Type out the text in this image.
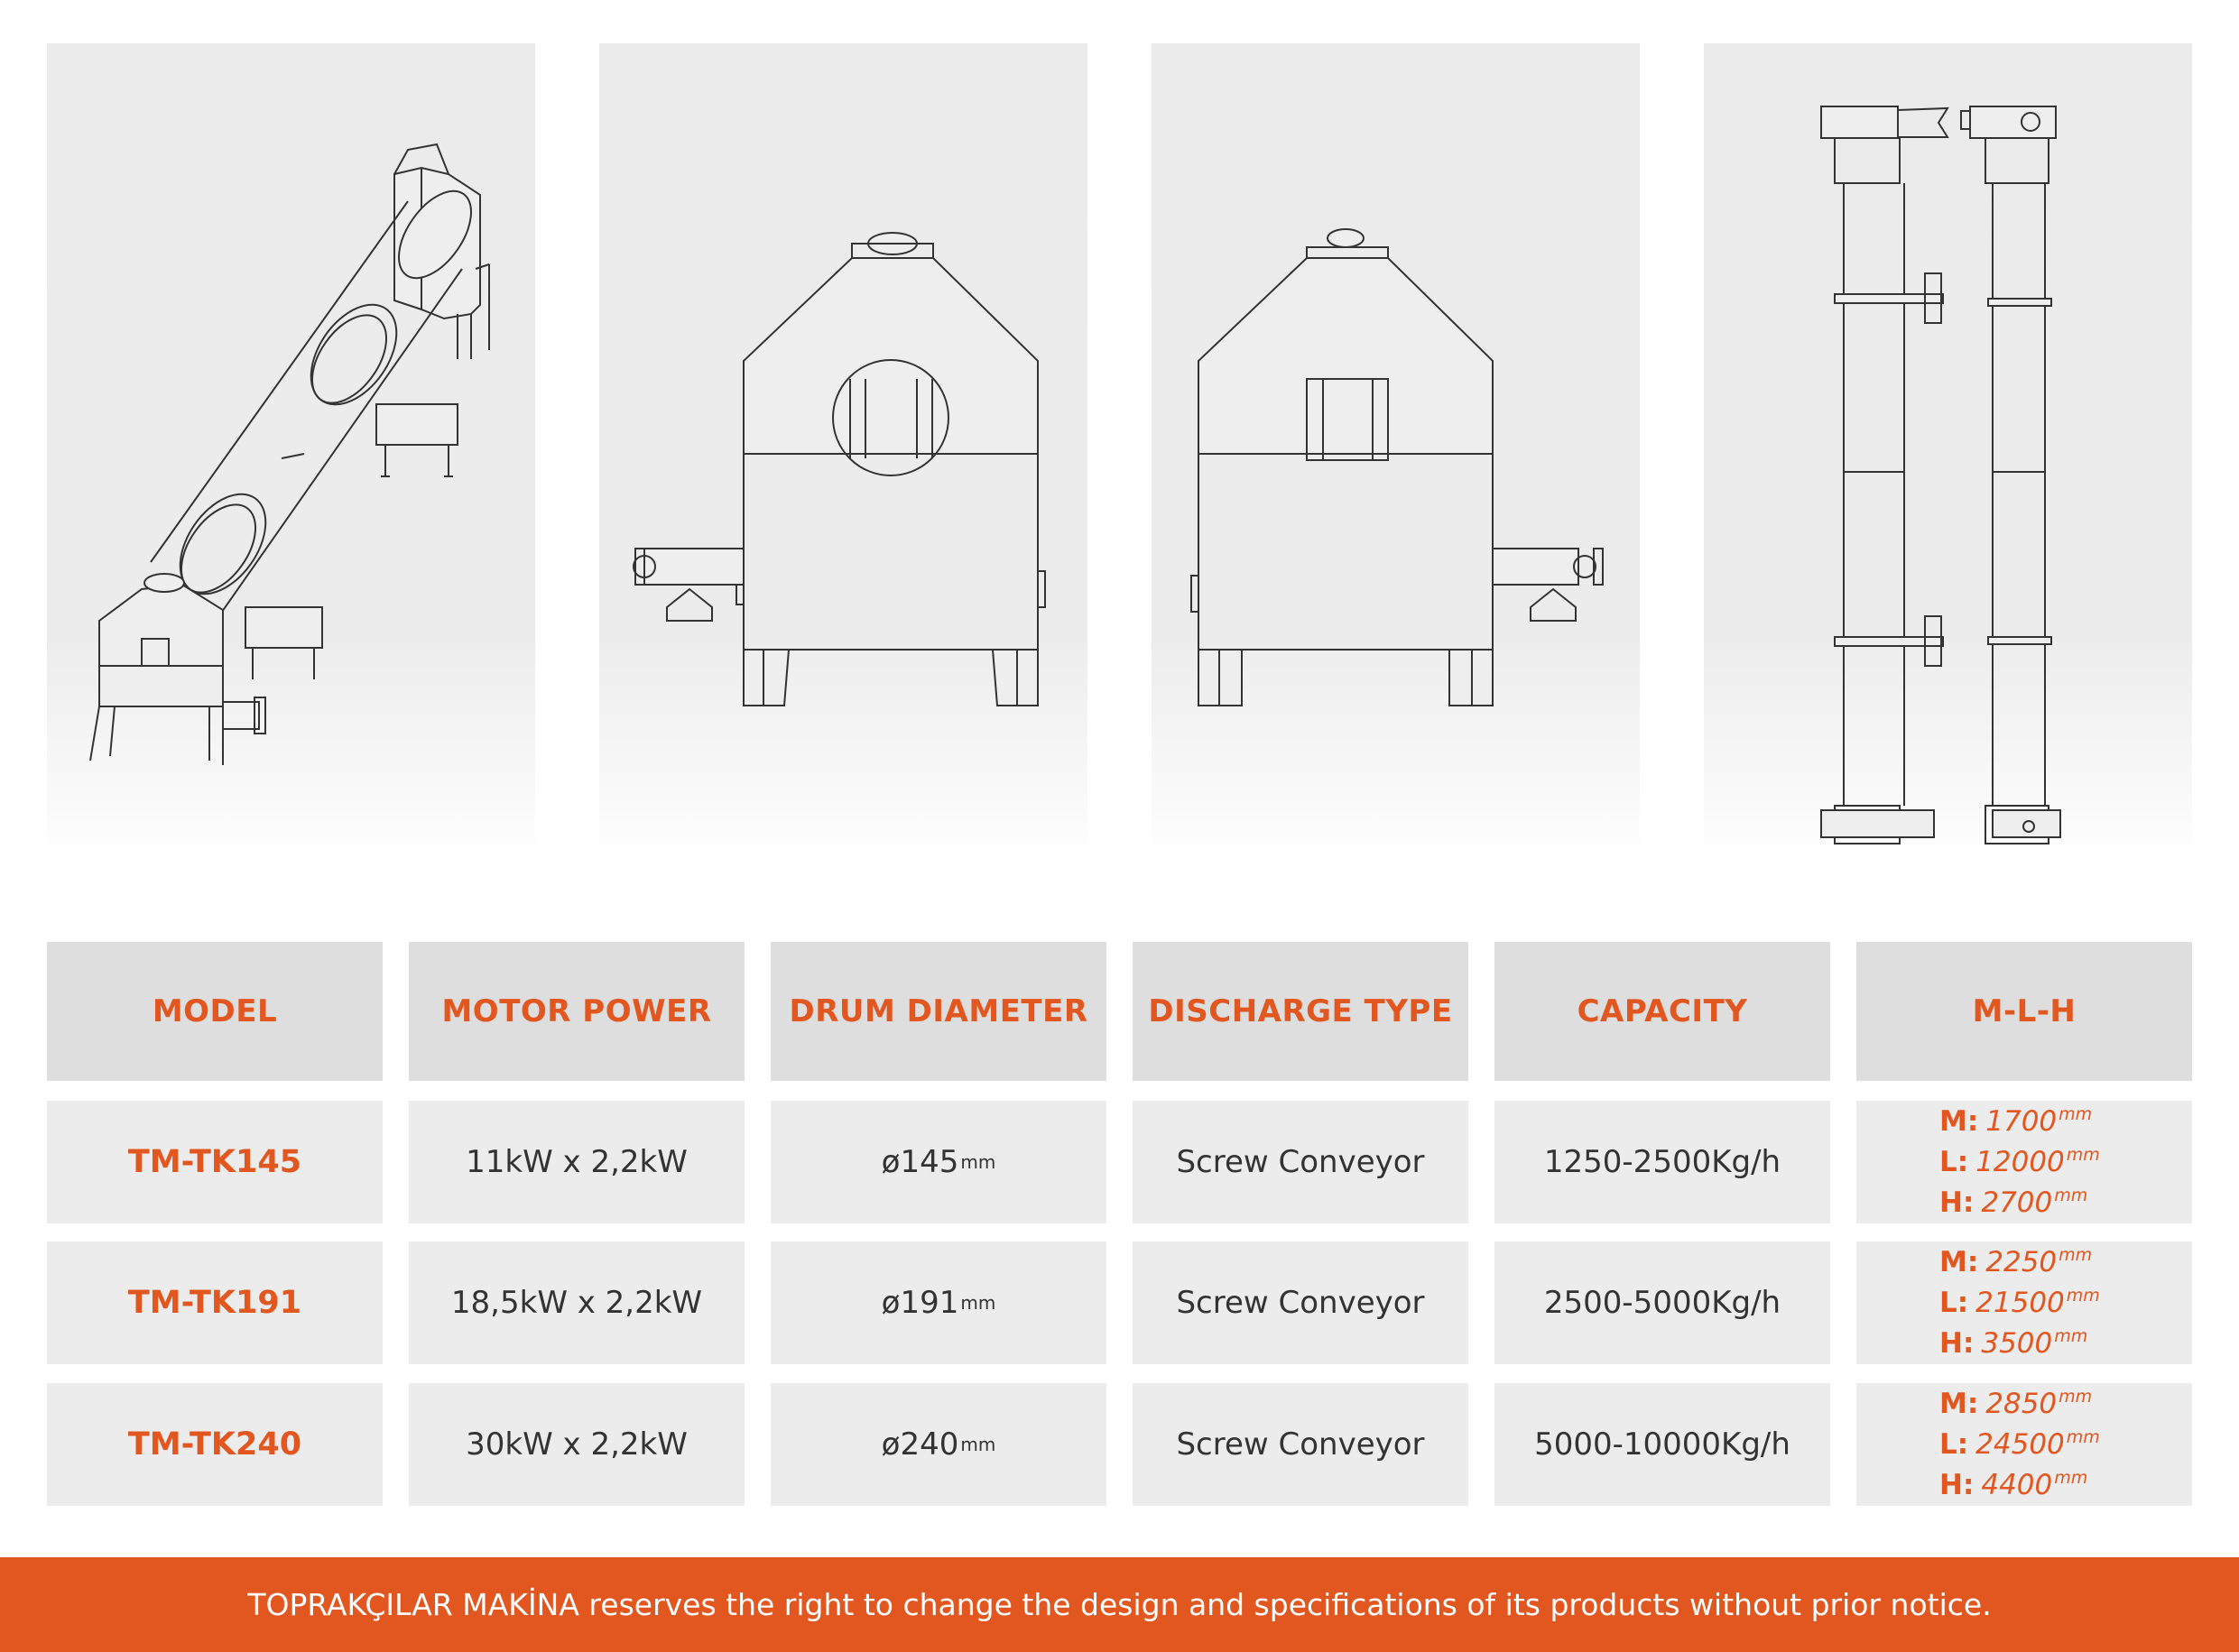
MODEL	MOTOR POWER	DRUM DIAMETER	DISCHARGE TYPE	CAPACITY	M-L-H
TM-TK145	11kW x 2,2kW	ø145 mm	Screw Conveyor	1250-2500Kg/h
M: 1700 $^{mm}$
L: 12000 $^{mm}$
H: 2700 $^{mm}$
TM-TK191	18,5kW x 2,2kW	ø191 mm	Screw Conveyor	2500-5000Kg/h
M: 2250 $^{mm}$
L: 21500 $^{mm}$
H: 3500 $^{mm}$
TM-TK240	30kW x 2,2kW	ø240 mm	Screw Conveyor	5000-10000Kg/h
M: 2850 $^{mm}$
L: 24500 $^{mm}$
H: 4400 $^{mm}$
TOPRAKÇILAR MAKİNA reserves the right to change the design and specifications of its products without prior notice.
